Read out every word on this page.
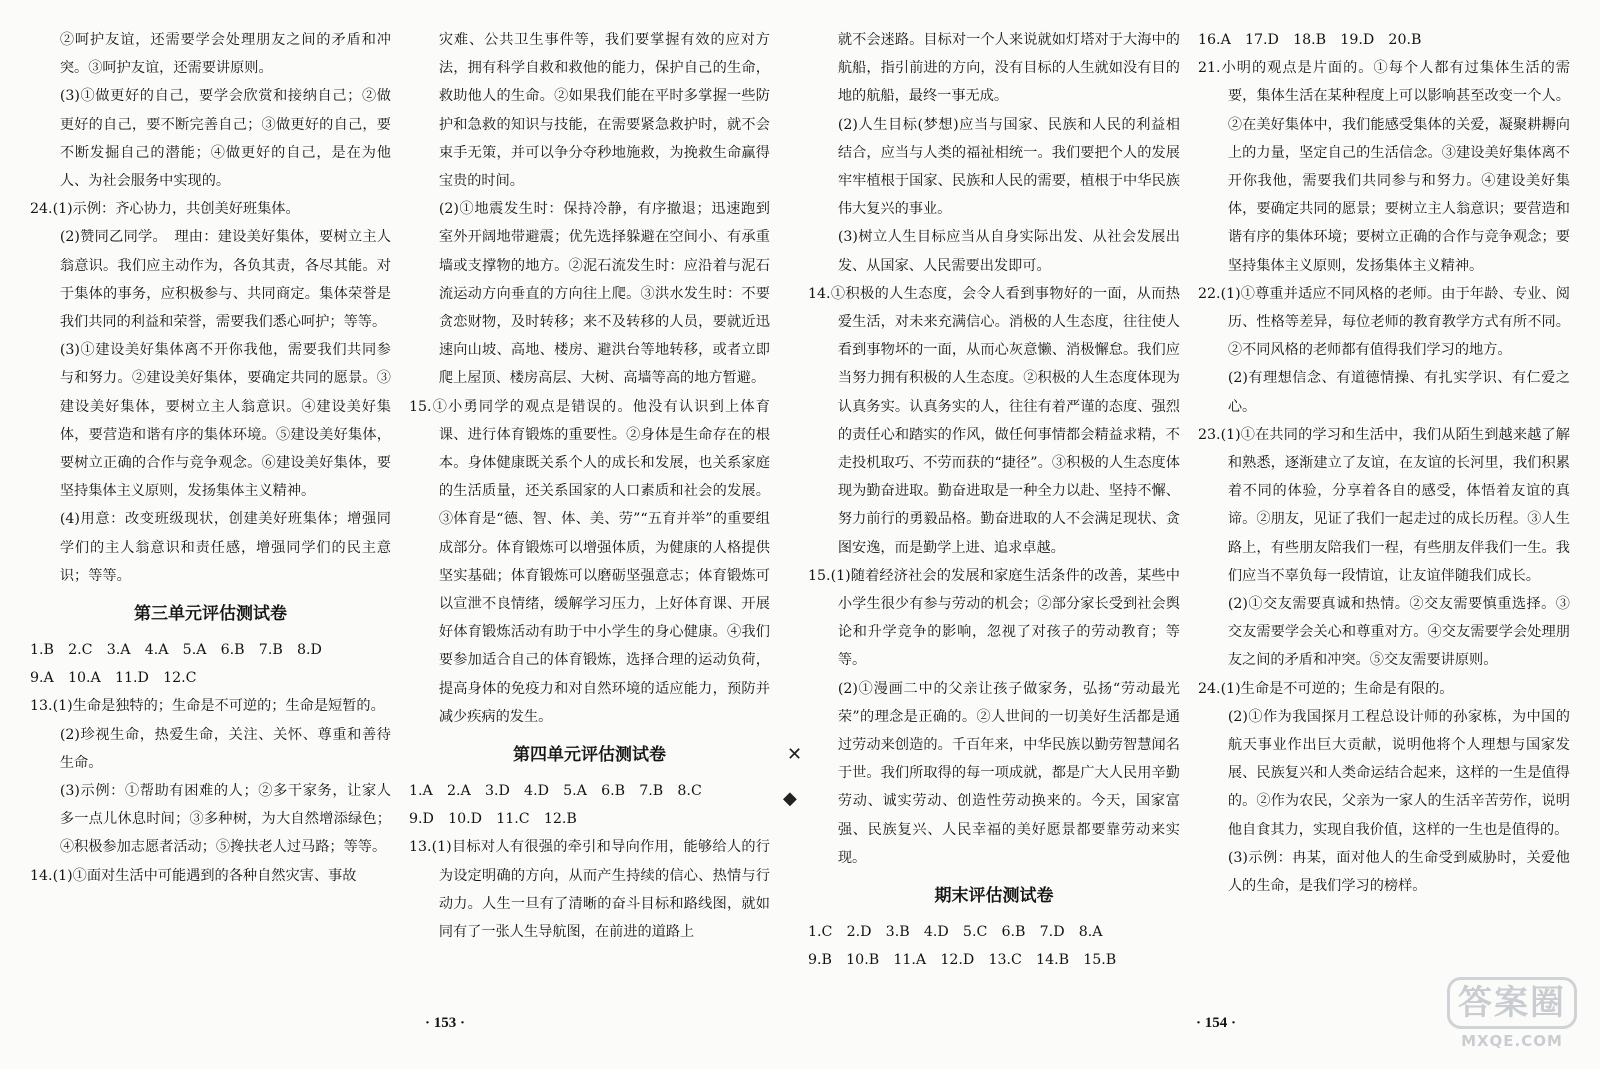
②呵护友谊，还需要学会处理朋友之间的矛盾和冲突。③呵护友谊，还需要讲原则。

(3)①做更好的自己，要学会欣赏和接纳自己；②做更好的自己，要不断完善自己；③做更好的自己，要不断发掘自己的潜能；④做更好的自己，是在为他人、为社会服务中实现的。

24.(1)示例：齐心协力，共创美好班集体。

(2)赞同乙同学。　理由：建设美好集体，要树立主人翁意识。我们应主动作为，各负其责，各尽其能。对于集体的事务，应积极参与、共同商定。集体荣誉是我们共同的利益和荣誉，需要我们悉心呵护；等等。

(3)①建设美好集体离不开你我他，需要我们共同参与和努力。②建设美好集体，要确定共同的愿景。③建设美好集体，要树立主人翁意识。④建设美好集体，要营造和谐有序的集体环境。⑤建设美好集体，要树立正确的合作与竞争观念。⑥建设美好集体，要坚持集体主义原则，发扬集体主义精神。

(4)用意：改变班级现状，创建美好班集体；增强同学们的主人翁意识和责任感，增强同学们的民主意识；等等。

第三单元评估测试卷

1.B　2.C　3.A　4.A　5.A　6.B　7.B　8.D

9.A　10.A　11.D　12.C

13.(1)生命是独特的；生命是不可逆的；生命是短暂的。

(2)珍视生命，热爱生命，关注、关怀、尊重和善待生命。

(3)示例：①帮助有困难的人；②多干家务，让家人多一点儿休息时间；③多种树，为大自然增添绿色；④积极参加志愿者活动；⑤搀扶老人过马路；等等。

14.(1)①面对生活中可能遇到的各种自然灾害、事故

灾难、公共卫生事件等，我们要掌握有效的应对方法，拥有科学自救和救他的能力，保护自己的生命，救助他人的生命。②如果我们能在平时多掌握一些防护和急救的知识与技能，在需要紧急救护时，就不会束手无策，并可以争分夺秒地施救，为挽救生命赢得宝贵的时间。

(2)①地震发生时：保持冷静，有序撤退；迅速跑到室外开阔地带避震；优先选择躲避在空间小、有承重墙或支撑物的地方。②泥石流发生时：应沿着与泥石流运动方向垂直的方向往上爬。③洪水发生时：不要贪恋财物，及时转移；来不及转移的人员，要就近迅速向山坡、高地、楼房、避洪台等地转移，或者立即爬上屋顶、楼房高层、大树、高墙等高的地方暂避。

15.①小勇同学的观点是错误的。他没有认识到上体育课、进行体育锻炼的重要性。②身体是生命存在的根本。身体健康既关系个人的成长和发展，也关系家庭的生活质量，还关系国家的人口素质和社会的发展。③体育是“德、智、体、美、劳”“五育并举”的重要组成部分。体育锻炼可以增强体质，为健康的人格提供坚实基础；体育锻炼可以磨砺坚强意志；体育锻炼可以宣泄不良情绪，缓解学习压力，上好体育课、开展好体育锻炼活动有助于中小学生的身心健康。④我们要参加适合自己的体育锻炼，选择合理的运动负荷，提高身体的免疫力和对自然环境的适应能力，预防并减少疾病的发生。

第四单元评估测试卷

1.A　2.A　3.D　4.D　5.A　6.B　7.B　8.C

9.D　10.D　11.C　12.B

13.(1)目标对人有很强的牵引和导向作用，能够给人的行为设定明确的方向，从而产生持续的信心、热情与行动力。人生一旦有了清晰的奋斗目标和路线图，就如同有了一张人生导航图，在前进的道路上

· 153 ·
✕
◆

就不会迷路。目标对一个人来说就如灯塔对于大海中的航船，指引前进的方向，没有目标的人生就如没有目的地的航船，最终一事无成。

(2)人生目标(梦想)应当与国家、民族和人民的利益相结合，应当与人类的福祉相统一。我们要把个人的发展牢牢植根于国家、民族和人民的需要，植根于中华民族伟大复兴的事业。

(3)树立人生目标应当从自身实际出发、从社会发展出发、从国家、人民需要出发即可。

14.①积极的人生态度，会令人看到事物好的一面，从而热爱生活，对未来充满信心。消极的人生态度，往往使人看到事物坏的一面，从而心灰意懒、消极懈怠。我们应当努力拥有积极的人生态度。②积极的人生态度体现为认真务实。认真务实的人，往往有着严谨的态度、强烈的责任心和踏实的作风，做任何事情都会精益求精，不走投机取巧、不劳而获的“捷径”。③积极的人生态度体现为勤奋进取。勤奋进取是一种全力以赴、坚持不懈、努力前行的勇毅品格。勤奋进取的人不会满足现状、贪图安逸，而是勤学上进、追求卓越。

15.(1)随着经济社会的发展和家庭生活条件的改善，某些中小学生很少有参与劳动的机会；②部分家长受到社会舆论和升学竞争的影响，忽视了对孩子的劳动教育；等等。

(2)①漫画二中的父亲让孩子做家务，弘扬“劳动最光荣”的理念是正确的。②人世间的一切美好生活都是通过劳动来创造的。千百年来，中华民族以勤劳智慧闻名于世。我们所取得的每一项成就，都是广大人民用辛勤劳动、诚实劳动、创造性劳动换来的。今天，国家富强、民族复兴、人民幸福的美好愿景都要靠劳动来实现。

期末评估测试卷

1.C　2.D　3.B　4.D　5.C　6.B　7.D　8.A

9.B　10.B　11.A　12.D　13.C　14.B　15.B

16.A　17.D　18.B　19.D　20.B

21.小明的观点是片面的。①每个人都有过集体生活的需要，集体生活在某种程度上可以影响甚至改变一个人。②在美好集体中，我们能感受集体的关爱，凝聚耕耨向上的力量，坚定自己的生活信念。③建设美好集体离不开你我他，需要我们共同参与和努力。④建设美好集体，要确定共同的愿景；要树立主人翁意识；要营造和谐有序的集体环境；要树立正确的合作与竞争观念；要坚持集体主义原则，发扬集体主义精神。

22.(1)①尊重并适应不同风格的老师。由于年龄、专业、阅历、性格等差异，每位老师的教育教学方式有所不同。②不同风格的老师都有值得我们学习的地方。

(2)有理想信念、有道德情操、有扎实学识、有仁爱之心。

23.(1)①在共同的学习和生活中，我们从陌生到越来越了解和熟悉，逐渐建立了友谊，在友谊的长河里，我们积累着不同的体验，分享着各自的感受，体悟着友谊的真谛。②朋友，见证了我们一起走过的成长历程。③人生路上，有些朋友陪我们一程，有些朋友伴我们一生。我们应当不辜负每一段情谊，让友谊伴随我们成长。

(2)①交友需要真诚和热情。②交友需要慎重选择。③交友需要学会关心和尊重对方。④交友需要学会处理朋友之间的矛盾和冲突。⑤交友需要讲原则。

24.(1)生命是不可逆的；生命是有限的。

(2)①作为我国探月工程总设计师的孙家栋，为中国的航天事业作出巨大贡献，说明他将个人理想与国家发展、民族复兴和人类命运结合起来，这样的一生是值得的。②作为农民，父亲为一家人的生活辛苦劳作，说明他自食其力，实现自我价值，这样的一生也是值得的。

(3)示例：冉某，面对他人的生命受到威胁时，关爱他人的生命，是我们学习的榜样。

· 154 ·	答案圈
MXQE.COM
